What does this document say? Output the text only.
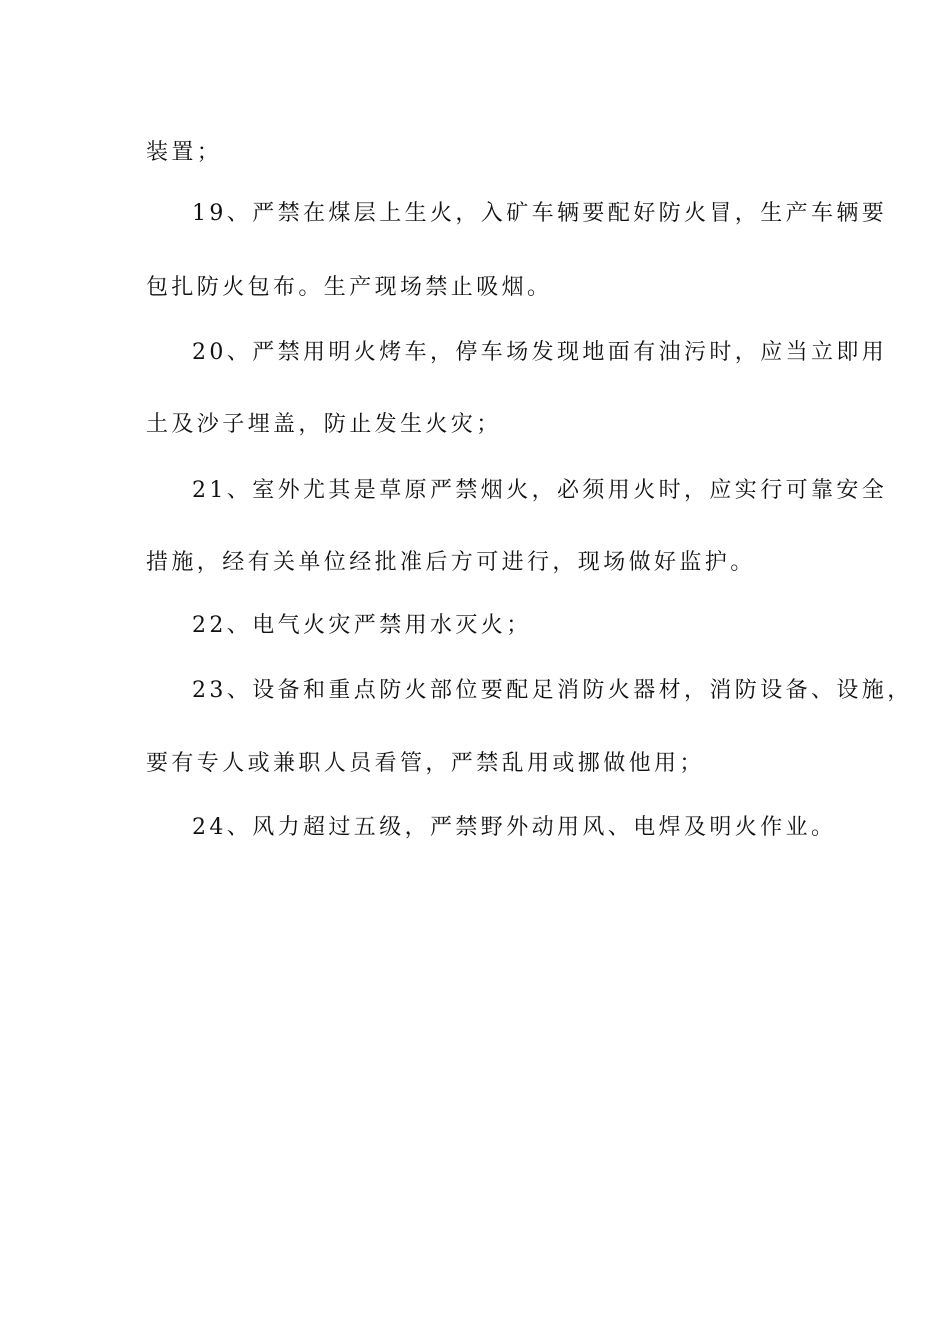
装置；

19、严禁在煤层上生火，入矿车辆要配好防火冒，生产车辆要

包扎防火包布。生产现场禁止吸烟。

20、严禁用明火烤车，停车场发现地面有油污时，应当立即用

土及沙子埋盖，防止发生火灾；

21、室外尤其是草原严禁烟火，必须用火时，应实行可靠安全

措施，经有关单位经批准后方可进行，现场做好监护。

22、电气火灾严禁用水灭火；

23、设备和重点防火部位要配足消防火器材，消防设备、设施，

要有专人或兼职人员看管，严禁乱用或挪做他用；

24、风力超过五级，严禁野外动用风、电焊及明火作业。
